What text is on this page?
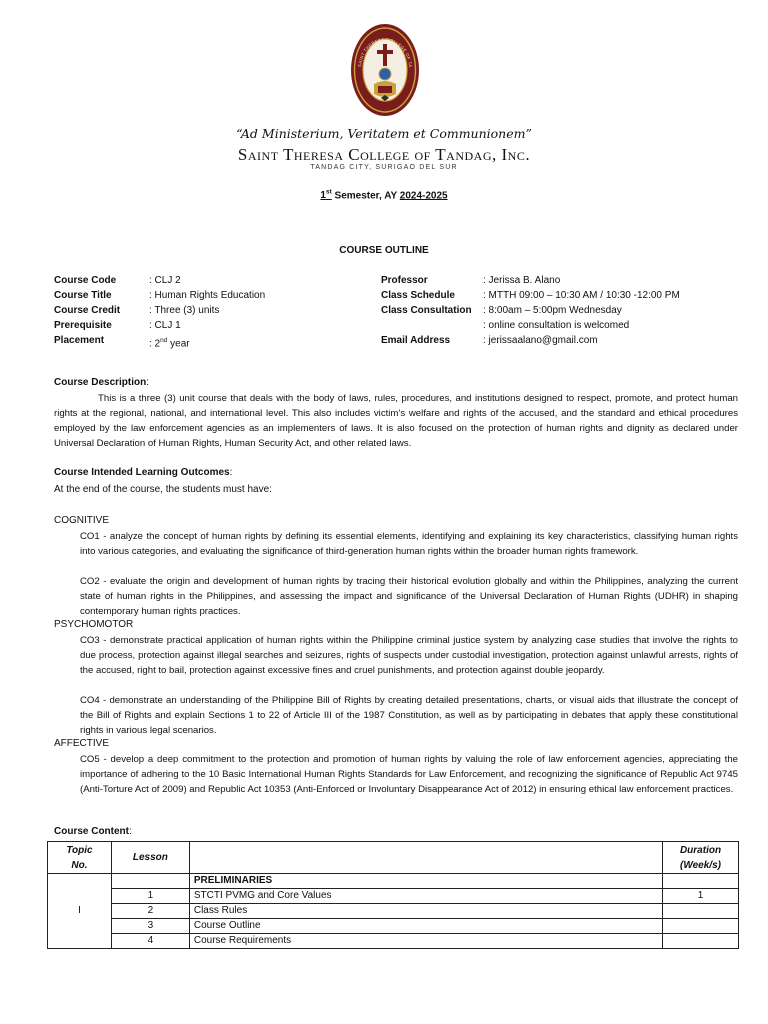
SAINT THERESA COLLEGE OF TA
“Ad Ministerium, Veritatem et Communionem”
Saint Theresa College of Tandag, Inc.
TANDAG CITY, SURIGAO DEL SUR
1st Semester, AY 2024-2025
COURSE OUTLINE
Course Code	: CLJ 2
Course Title	: Human Rights Education
Course Credit	: Three (3) units
Prerequisite	: CLJ 1
Placement	: 2nd year
Professor	: Jerissa B. Alano
Class Schedule	: MTTH 09:00 – 10:30 AM / 10:30 -12:00 PM
Class Consultation	: 8:00am – 5:00pm Wednesday
: online consultation is welcomed
Email Address	: jerissaalano@gmail.com
Course Description:
This is a three (3) unit course that deals with the body of laws, rules, procedures, and institutions designed to respect, promote, and protect human rights at the regional, national, and international level. This also includes victim’s welfare and rights of the accused, and the standard and ethical procedures employed by the law enforcement agencies as an implementers of laws. It is also focused on the protection of human rights and dignity as declared under Universal Declaration of Human Rights, Human Security Act, and other related laws.
Course Intended Learning Outcomes:
At the end of the course, the students must have:
COGNITIVE
CO1 - analyze the concept of human rights by defining its essential elements, identifying and explaining its key characteristics, classifying human rights into various categories, and evaluating the significance of third-generation human rights within the broader human rights framework.
CO2 - evaluate the origin and development of human rights by tracing their historical evolution globally and within the Philippines, analyzing the current state of human rights in the Philippines, and assessing the impact and significance of the Universal Declaration of Human Rights (UDHR) in shaping contemporary human rights practices.
PSYCHOMOTOR
CO3 - demonstrate practical application of human rights within the Philippine criminal justice system by analyzing case studies that involve the rights to due process, protection against illegal searches and seizures, rights of suspects under custodial investigation, protection against unlawful arrests, rights of the accused, right to bail, protection against excessive fines and cruel punishments, and protection against double jeopardy.
CO4 - demonstrate an understanding of the Philippine Bill of Rights by creating detailed presentations, charts, or visual aids that illustrate the concept of the Bill of Rights and explain Sections 1 to 22 of Article III of the 1987 Constitution, as well as by participating in debates that apply these constitutional rights in various legal scenarios.
AFFECTIVE
CO5 - develop a deep commitment to the protection and promotion of human rights by valuing the role of law enforcement agencies, appreciating the importance of adhering to the 10 Basic International Human Rights Standards for Law Enforcement, and recognizing the significance of Republic Act 9745 (Anti-Torture Act of 2009) and Republic Act 10353 (Anti-Enforced or Involuntary Disappearance Act of 2012) in ensuring ethical law enforcement practices.
Course Content:
Topic
No.	Lesson		Duration
(Week/s)
I		PRELIMINARIES	
	1	STCTI PVMG and Core Values	1
	2	Class Rules	
	3	Course Outline	
	4	Course Requirements	
